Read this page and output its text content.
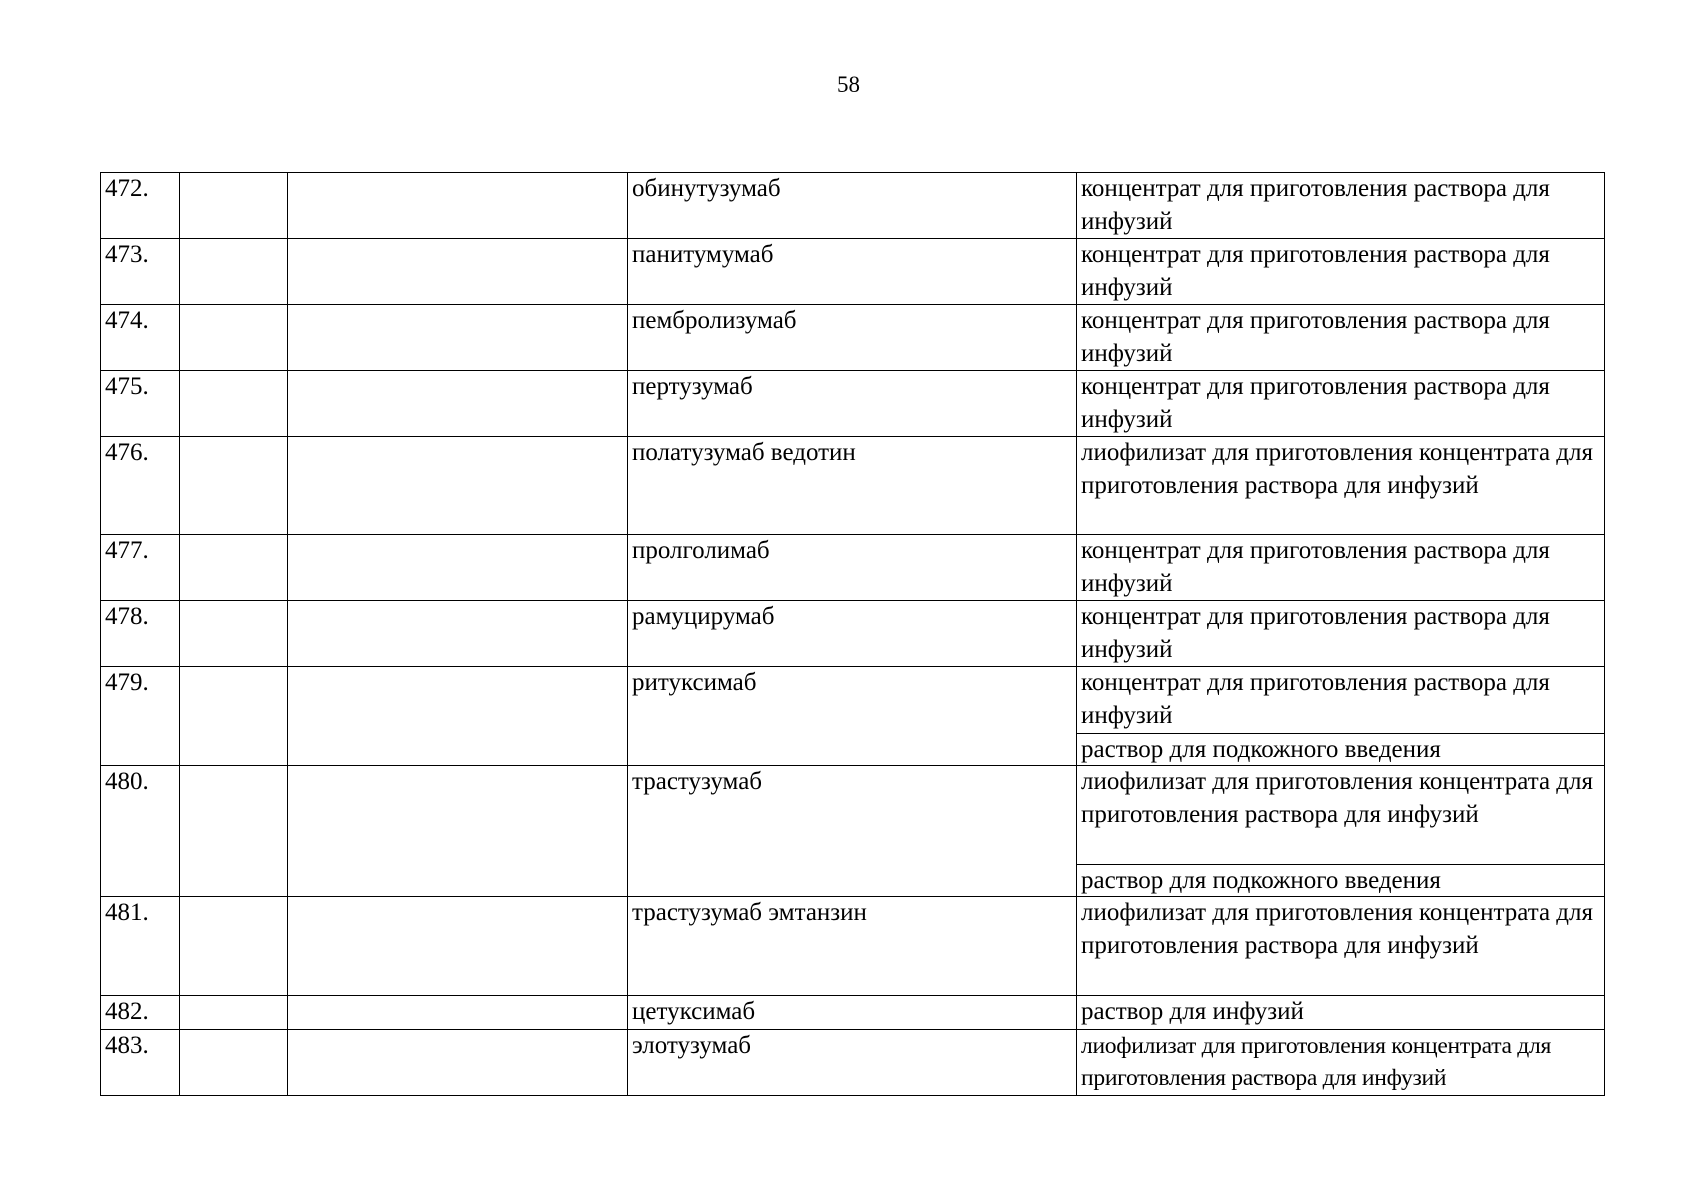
58
472.			обинутузумаб	концентрат для приготовления раствора для инфузий

473.			панитумумаб	концентрат для приготовления раствора для инфузий

474.			пембролизумаб	концентрат для приготовления раствора для инфузий

475.			пертузумаб	концентрат для приготовления раствора для инфузий

476.			полатузумаб ведотин	лиофилизат для приготовления концентрата для приготовления раствора для инфузий

477.			пролголимаб	концентрат для приготовления раствора для инфузий

478.			рамуцирумаб	концентрат для приготовления раствора для инфузий

479.			ритуксимаб	концентрат для приготовления раствора для инфузий
раствор для подкожного введения

480.			трастузумаб	лиофилизат для приготовления концентрата для приготовления раствора для инфузий
раствор для подкожного введения

481.			трастузумаб эмтанзин	лиофилизат для приготовления концентрата для приготовления раствора для инфузий

482.			цетуксимаб	раствор для инфузий

483.			элотузумаб	лиофилизат для приготовления концентрата для приготовления раствора для инфузий
